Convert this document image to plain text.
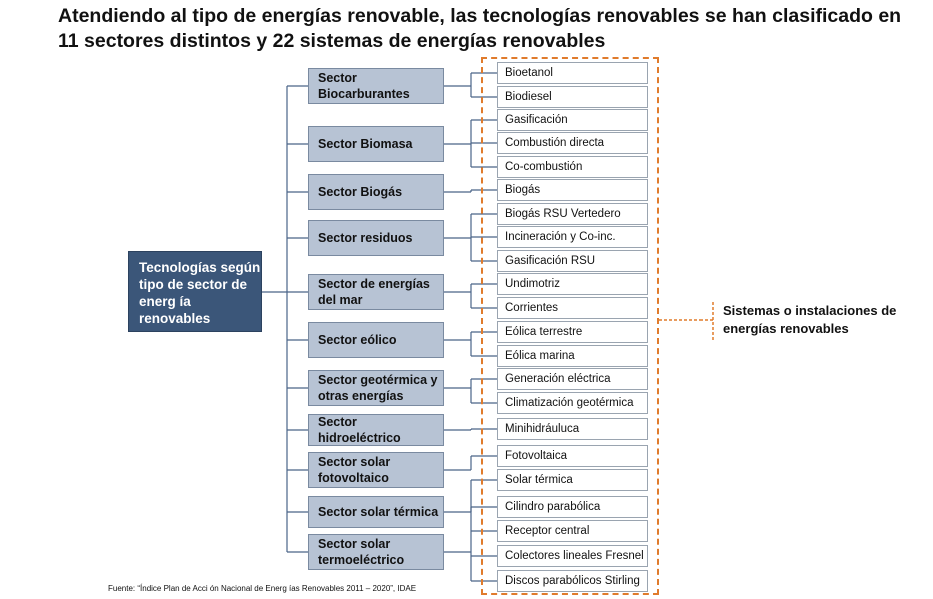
Atendiendo al tipo de energías renovable, las tecnologías renovables se han clasificado en 11 sectores distintos y 22 sistemas de energías renovables
Tecnologías según tipo de sector de energ ía renovables
Sector Biocarburantes
Sector Biomasa
Sector Biogás
Sector residuos
Sector de energías del mar
Sector eólico
Sector geotérmica y otras energías
Sector hidroeléctrico
Sector solar fotovoltaico
Sector solar térmica
Sector solar termoeléctrico
Bioetanol
Biodiesel
Gasificación
Combustión directa
Co-combustión
Biogás
Biogás RSU Vertedero
Incineración y Co-inc.
Gasificación RSU
Undimotriz
Corrientes
Eólica terrestre
Eólica marina
Generación eléctrica
Climatización geotérmica
Minihidráuluca
Fotovoltaica
Solar térmica
Cilindro parabólica
Receptor central
Colectores lineales Fresnel
Discos parabólicos Stirling
Sistemas o instalaciones de energías renovables
Fuente: “Índice Plan de Acci ón Nacional de Energ ías Renovables 2011 – 2020”, IDAE
